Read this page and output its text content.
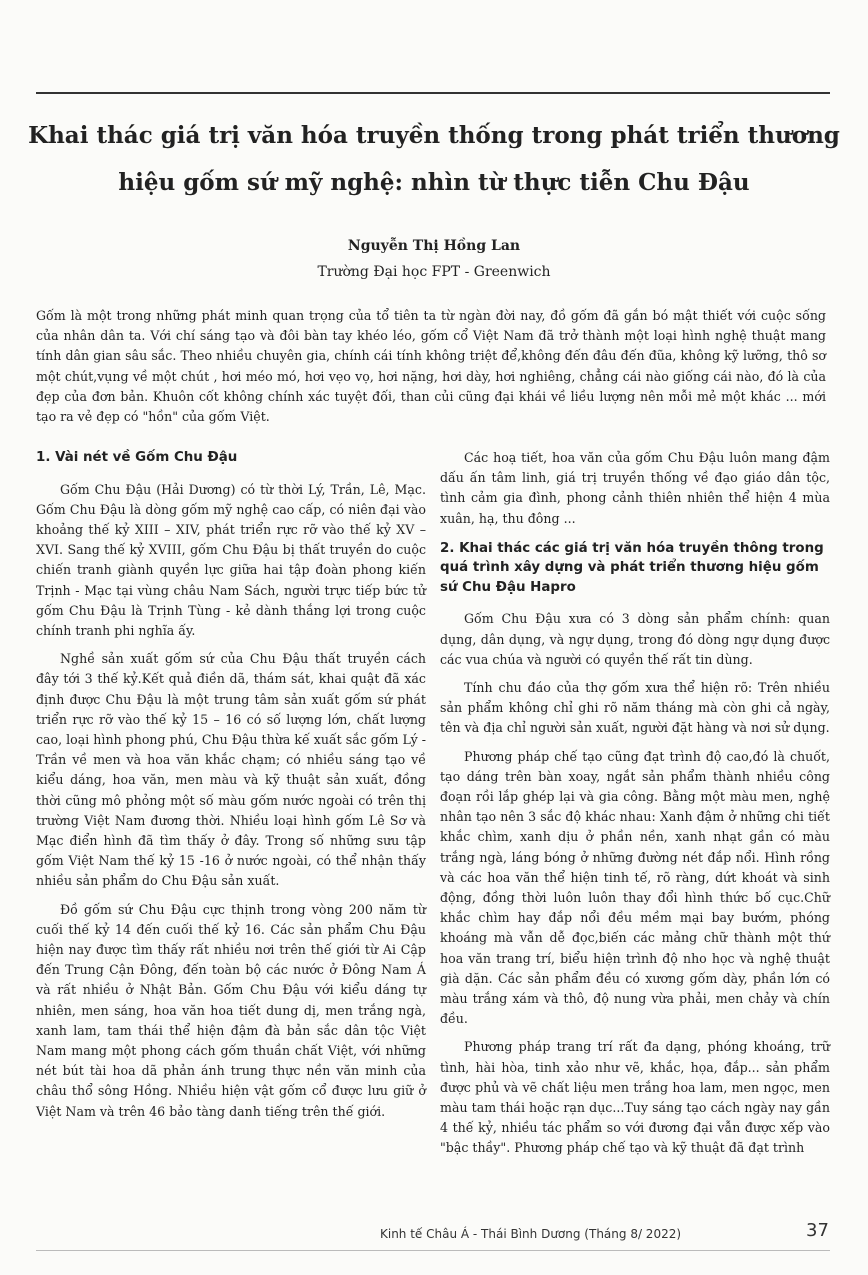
Khai thác giá trị văn hóa truyền thống trong phát triển thương hiệu gốm sứ mỹ nghệ: nhìn từ thực tiễn Chu Đậu
Nguyễn Thị Hồng Lan
Trường Đại học FPT - Greenwich

Gốm là một trong những phát minh quan trọng của tổ tiên ta từ ngàn đời nay, đồ gốm đã gắn bó mật thiết với cuộc sống của nhân dân ta. Với chí sáng tạo và đôi bàn tay khéo léo, gốm cổ Việt Nam đã trở thành một loại hình nghệ thuật mang tính dân gian sâu sắc. Theo nhiều chuyên gia, chính cái tính không triệt để,không đến đâu đến đũa, không kỹ lưỡng, thô sơ một chút,vụng về một chút , hơi méo mó, hơi vẹo vọ, hơi nặng, hơi dày, hơi nghiêng, chẳng cái nào giống cái nào, đó là của đẹp của đơn bản. Khuôn cốt không chính xác tuyệt đối, than củi cũng đại khái về liều lượng nên mỗi mẻ một khác ... mới tạo ra vẻ đẹp có "hồn" của gốm Việt.

1. Vài nét về Gốm Chu Đậu

Gốm Chu Đậu (Hải Dương) có từ thời Lý, Trần, Lê, Mạc. Gốm Chu Đậu là dòng gốm mỹ nghệ cao cấp, có niên đại vào khoảng thế kỷ XIII – XIV, phát triển rực rỡ vào thế kỷ XV – XVI. Sang thế kỷ XVIII, gốm Chu Đậu bị thất truyền do cuộc chiến tranh giành quyền lực giữa hai tập đoàn phong kiến Trịnh - Mạc tại vùng châu Nam Sách, người trực tiếp bức tử gốm Chu Đậu là Trịnh Tùng - kẻ dành thắng lợi trong cuộc chính tranh phi nghĩa ấy.

Nghề sản xuất gốm sứ của Chu Đậu thất truyền cách đây tới 3 thế kỷ.Kết quả điền dã, thám sát, khai quật đã xác định được Chu Đậu là một trung tâm sản xuất gốm sứ phát triển rực rỡ vào thế kỷ 15 – 16 có số lượng lớn, chất lượng cao, loại hình phong phú, Chu Đậu thừa kế xuất sắc gốm Lý - Trần về men và hoa văn khắc chạm; có nhiều sáng tạo về kiểu dáng, hoa văn, men màu và kỹ thuật sản xuất, đồng thời cũng mô phỏng một số màu gốm nước ngoài có trên thị trường Việt Nam đương thời. Nhiều loại hình gốm Lê Sơ và Mạc điển hình đã tìm thấy ở đây. Trong số những sưu tập gốm Việt Nam thế kỷ 15 -16 ở nước ngoài, có thể nhận thấy nhiều sản phẩm do Chu Đậu sản xuất.

Đồ gốm sứ Chu Đậu cực thịnh trong vòng 200 năm từ cuối thế kỷ 14 đến cuối thế kỷ 16. Các sản phẩm Chu Đậu hiện nay được tìm thấy rất nhiều nơi trên thế giới từ Ai Cập đến Trung Cận Đông, đến toàn bộ các nước ở Đông Nam Á và rất nhiều ở Nhật Bản. Gốm Chu Đậu với kiểu dáng tự nhiên, men sáng, hoa văn hoa tiết dung dị, men trắng ngà, xanh lam, tam thái thể hiện đậm đà bản sắc dân tộc Việt Nam mang một phong cách gốm thuần chất Việt, với những nét bút tài hoa dã phản ánh trung thực nền văn minh của châu thổ sông Hồng. Nhiều hiện vật gốm cổ được lưu giữ ở Việt Nam và trên 46 bảo tàng danh tiếng trên thế giới.

Các hoạ tiết, hoa văn của gốm Chu Đậu luôn mang đậm dấu ấn tâm linh, giá trị truyền thống về đạo giáo dân tộc, tình cảm gia đình, phong cảnh thiên nhiên thể hiện 4 mùa xuân, hạ, thu đông ...

2. Khai thác các giá trị văn hóa truyền thông trong quá trình xây dựng và phát triển thương hiệu gốm sứ Chu Đậu Hapro

Gốm Chu Đậu xưa có 3 dòng sản phẩm chính: quan dụng, dân dụng, và ngự dụng, trong đó dòng ngự dụng được các vua chúa và người có quyền thế rất tin dùng.

Tính chu đáo của thợ gốm xưa thể hiện rõ: Trên nhiều sản phẩm không chỉ ghi rõ năm tháng mà còn ghi cả ngày, tên và địa chỉ người sản xuất, người đặt hàng và nơi sử dụng.

Phương pháp chế tạo cũng đạt trình độ cao,đó là chuốt, tạo dáng trên bàn xoay, ngắt sản phẩm thành nhiều công đoạn rồi lắp ghép lại và gia công. Bằng một màu men, nghệ nhân tạo nên 3 sắc độ khác nhau: Xanh đậm ở những chi tiết khắc chìm, xanh dịu ở phần nền, xanh nhạt gần có màu trắng ngà, láng bóng ở những đường nét đắp nổi. Hình rồng và các hoa văn thể hiện tinh tế, rõ ràng, dứt khoát và sinh động, đồng thời luôn luôn thay đổi hình thức bố cục.Chữ khắc chìm hay đắp nổi đều mềm mại bay bướm, phóng khoáng mà vẫn dễ đọc,biến các mảng chữ thành một thứ hoa văn trang trí, biểu hiện trình độ nho học và nghệ thuật già dặn. Các sản phẩm đều có xương gốm dày, phần lớn có màu trắng xám và thô, độ nung vừa phải, men chảy và chín đều.

Phương pháp trang trí rất đa dạng, phóng khoáng, trữ tình, hài hòa, tinh xảo như vẽ, khắc, họa, đắp... sản phẩm được phủ và vẽ chất liệu men trắng hoa lam, men ngọc, men màu tam thái hoặc rạn dục...Tuy sáng tạo cách ngày nay gần 4 thế kỷ, nhiều tác phẩm so với đương đại vẫn được xếp vào "bậc thầy". Phương pháp chế tạo và kỹ thuật đã đạt trình

Kinh tế Châu Á - Thái Bình Dương (Tháng 8/ 2022)	37
